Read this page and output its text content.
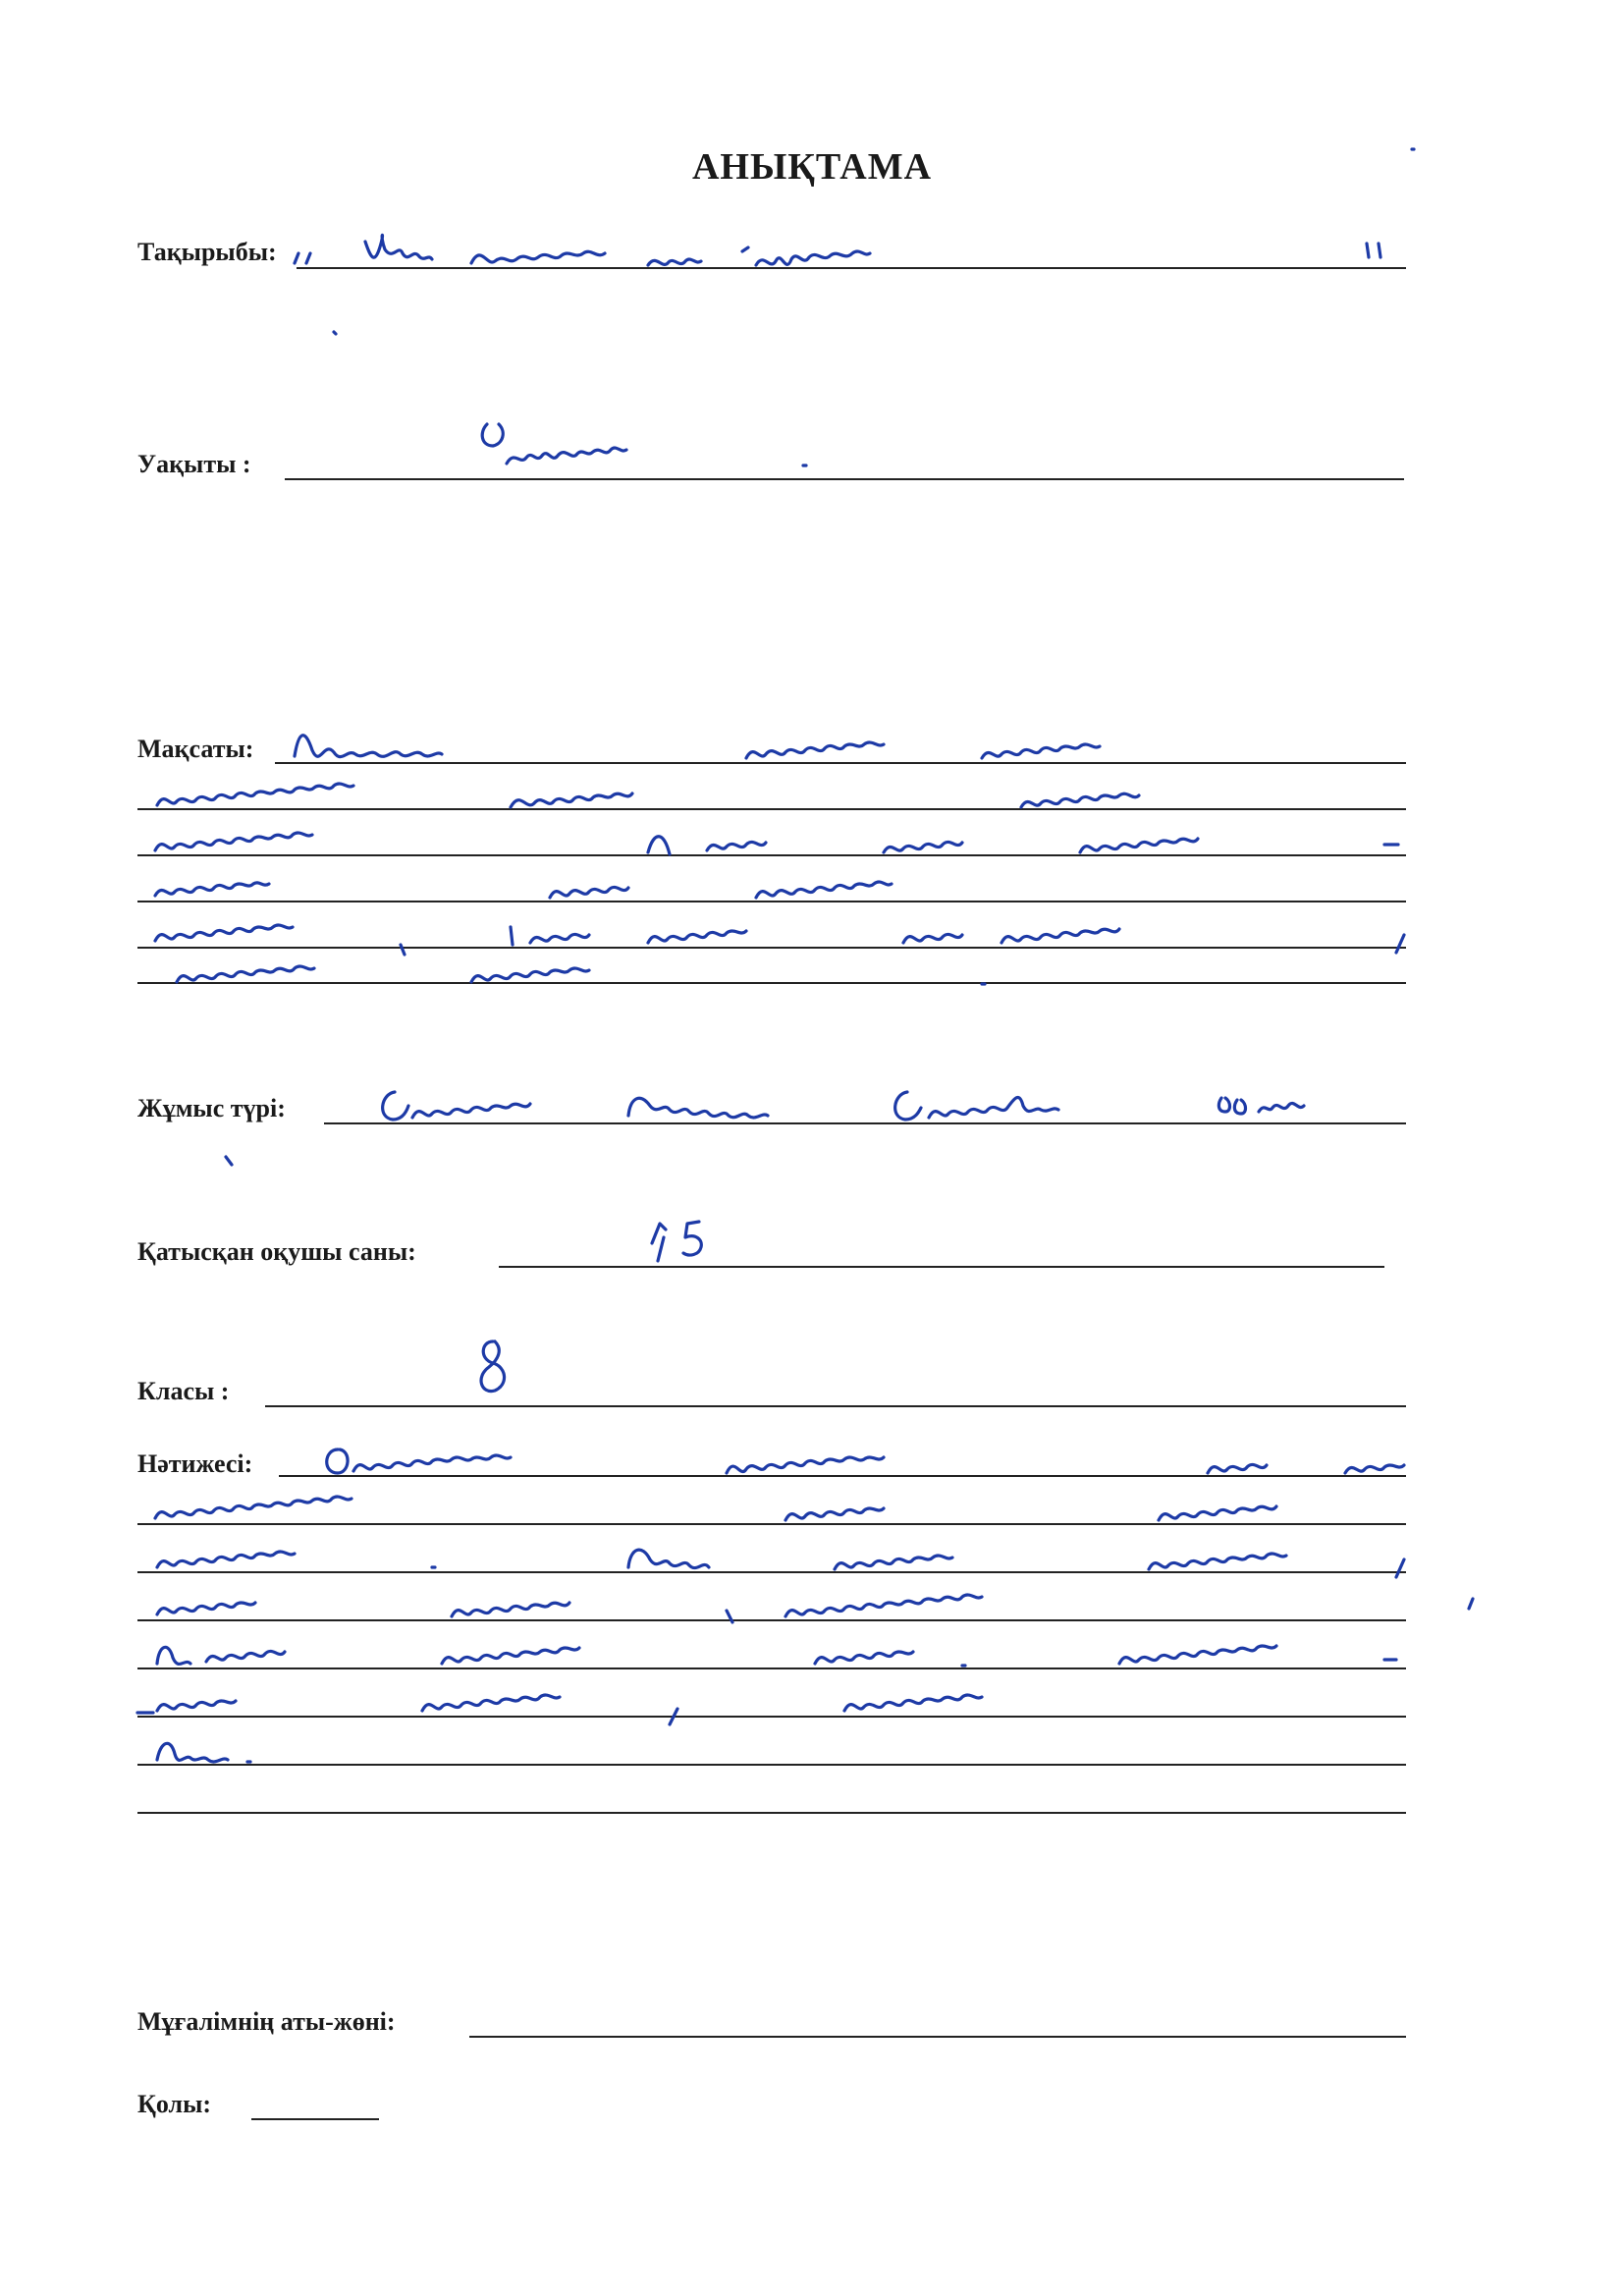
АНЫҚТАМА
Тақырыбы:
Уақыты :
Мақсаты:
Жұмыс түрі:
Қатысқан оқушы саны:
Класы :
Нәтижесі:
Мұғалімнің аты-жөні:
Қолы:
